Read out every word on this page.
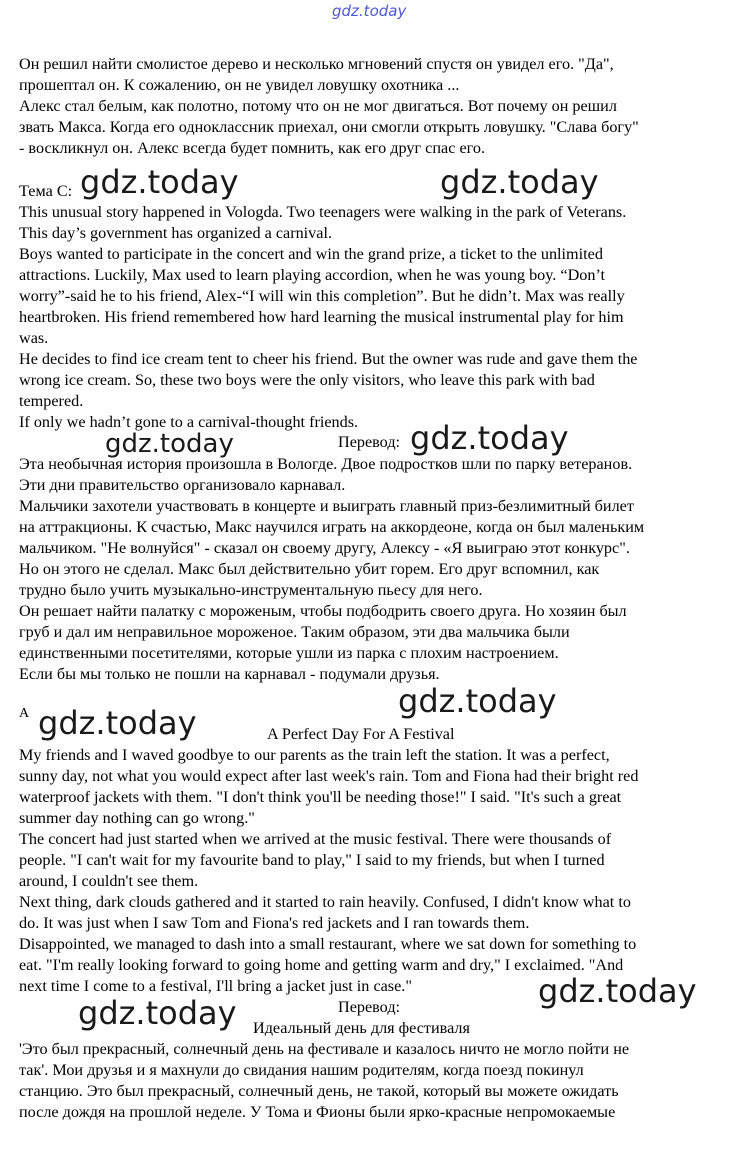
gdz.today
Он решил найти смолистое дерево и несколько мгновений спустя он увидел его. "Да",
прошептал он. К сожалению, он не увидел ловушку охотника ...
Алекс стал белым, как полотно, потому что он не мог двигаться. Вот почему он решил
звать Макса. Когда его одноклассник приехал, они смогли открыть ловушку. "Слава богу"
- воскликнул он. Алекс всегда будет помнить, как его друг спас его.
Тема С: gdz.today	gdz.today
This unusual story happened in Vologda. Two teenagers were walking in the park of Veterans.
This day’s government has organized a carnival.
Boys wanted to participate in the concert and win the grand prize, a ticket to the unlimited
attractions. Luckily, Max used to learn playing accordion, when he was young boy. “Don’t
worry”-said he to his friend, Alex-“I will win this completion”. But he didn’t. Max was really
heartbroken. His friend remembered how hard learning the musical instrumental play for him
was.
He decides to find ice cream tent to cheer his friend. But the owner was rude and gave them the
wrong ice cream. So, these two boys were the only visitors, who leave this park with bad
tempered.
If only we hadn’t gone to a carnival-thought friends.
gdz.today	Перевод: gdz.today
Эта необычная история произошла в Вологде. Двое подростков шли по парку ветеранов.
Эти дни правительство организовало карнавал.
Мальчики захотели участвовать в концерте и выиграть главный приз-безлимитный билет
на аттракционы. К счастью, Макс научился играть на аккордеоне, когда он был маленьким
мальчиком. "Не волнуйся" - сказал он своему другу, Алексу - «Я выиграю этот конкурс".
Но он этого не сделал. Макс был действительно убит горем. Его друг вспомнил, как
трудно было учить музыкально-инструментальную пьесу для него.
Он решает найти палатку с мороженым, чтобы подбодрить своего друга. Но хозяин был
груб и дал им неправильное мороженое. Таким образом, эти два мальчика были
единственными посетителями, которые ушли из парка с плохим настроением.
Если бы мы только не пошли на карнавал - подумали друзья.
gdz.today
A gdz.today	A Perfect Day For A Festival
My friends and I waved goodbye to our parents as the train left the station. It was a perfect,
sunny day, not what you would expect after last week's rain. Tom and Fiona had their bright red
waterproof jackets with them. "I don't think you'll be needing those!" I said. "It's such a great
summer day nothing can go wrong."
The concert had just started when we arrived at the music festival. There were thousands of
people. "I can't wait for my favourite band to play," I said to my friends, but when I turned
around, I couldn't see them.
Next thing, dark clouds gathered and it started to rain heavily. Confused, I didn't know what to
do. It was just when I saw Tom and Fiona's red jackets and I ran towards them.
Disappointed, we managed to dash into a small restaurant, where we sat down for something to
eat. "I'm really looking forward to going home and getting warm and dry," I exclaimed. "And
next time I come to a festival, I'll bring a jacket just in case."	gdz.today
Перевод:
gdz.today Идеальный день для фестиваля
'Это был прекрасный, солнечный день на фестивале и казалось ничто не могло пойти не
так'. Мои друзья и я махнули до свидания нашим родителям, когда поезд покинул
станцию. Это был прекрасный, солнечный день, не такой, который вы можете ожидать
после дождя на прошлой неделе. У Тома и Фионы были ярко-красные непромокаемые
